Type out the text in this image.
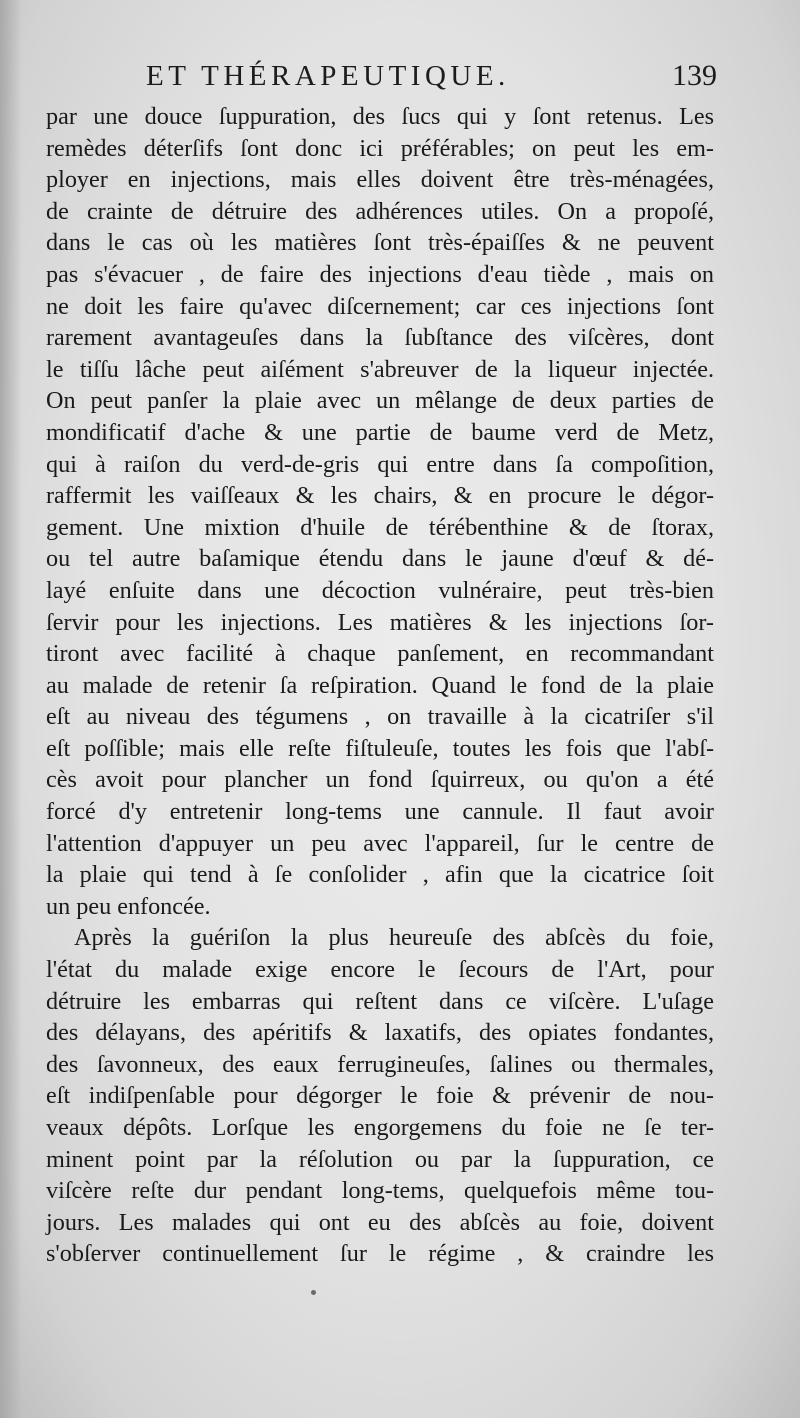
ET THÉRAPEUTIQUE.	139
par une douce ſuppuration, des ſucs qui y ſont retenus. Les
remèdes déterſifs ſont donc ici préférables; on peut les em-
ployer en injections, mais elles doivent être très-ménagées,
de crainte de détruire des adhérences utiles. On a propoſé,
dans le cas où les matières ſont très-épaiſſes & ne peuvent
pas s'évacuer , de faire des injections d'eau tiède , mais on
ne doit les faire qu'avec diſcernement; car ces injections ſont
rarement avantageuſes dans la ſubſtance des viſcères, dont
le tiſſu lâche peut aiſément s'abreuver de la liqueur injectée.
On peut panſer la plaie avec un mêlange de deux parties de
mondificatif d'ache & une partie de baume verd de Metz,
qui à raiſon du verd-de-gris qui entre dans ſa compoſition,
raffermit les vaiſſeaux & les chairs, & en procure le dégor-
gement. Une mixtion d'huile de térébenthine & de ſtorax,
ou tel autre baſamique étendu dans le jaune d'œuf & dé-
layé enſuite dans une décoction vulnéraire, peut très-bien
ſervir pour les injections. Les matières & les injections ſor-
tiront avec facilité à chaque panſement, en recommandant
au malade de retenir ſa reſpiration. Quand le fond de la plaie
eſt au niveau des tégumens , on travaille à la cicatriſer s'il
eſt poſſible; mais elle reſte fiſtuleuſe, toutes les fois que l'abſ-
cès avoit pour plancher un fond ſquirreux, ou qu'on a été
forcé d'y entretenir long-tems une cannule. Il faut avoir
l'attention d'appuyer un peu avec l'appareil, ſur le centre de
la plaie qui tend à ſe conſolider , afin que la cicatrice ſoit
un peu enfoncée.
Après la guériſon la plus heureuſe des abſcès du foie,
l'état du malade exige encore le ſecours de l'Art, pour
détruire les embarras qui reſtent dans ce viſcère. L'uſage
des délayans, des apéritifs & laxatifs, des opiates fondantes,
des ſavonneux, des eaux ferrugineuſes, ſalines ou thermales,
eſt indiſpenſable pour dégorger le foie & prévenir de nou-
veaux dépôts. Lorſque les engorgemens du foie ne ſe ter-
minent point par la réſolution ou par la ſuppuration, ce
viſcère reſte dur pendant long-tems, quelquefois même tou-
jours. Les malades qui ont eu des abſcès au foie, doivent
s'obſerver continuellement ſur le régime , & craindre les
